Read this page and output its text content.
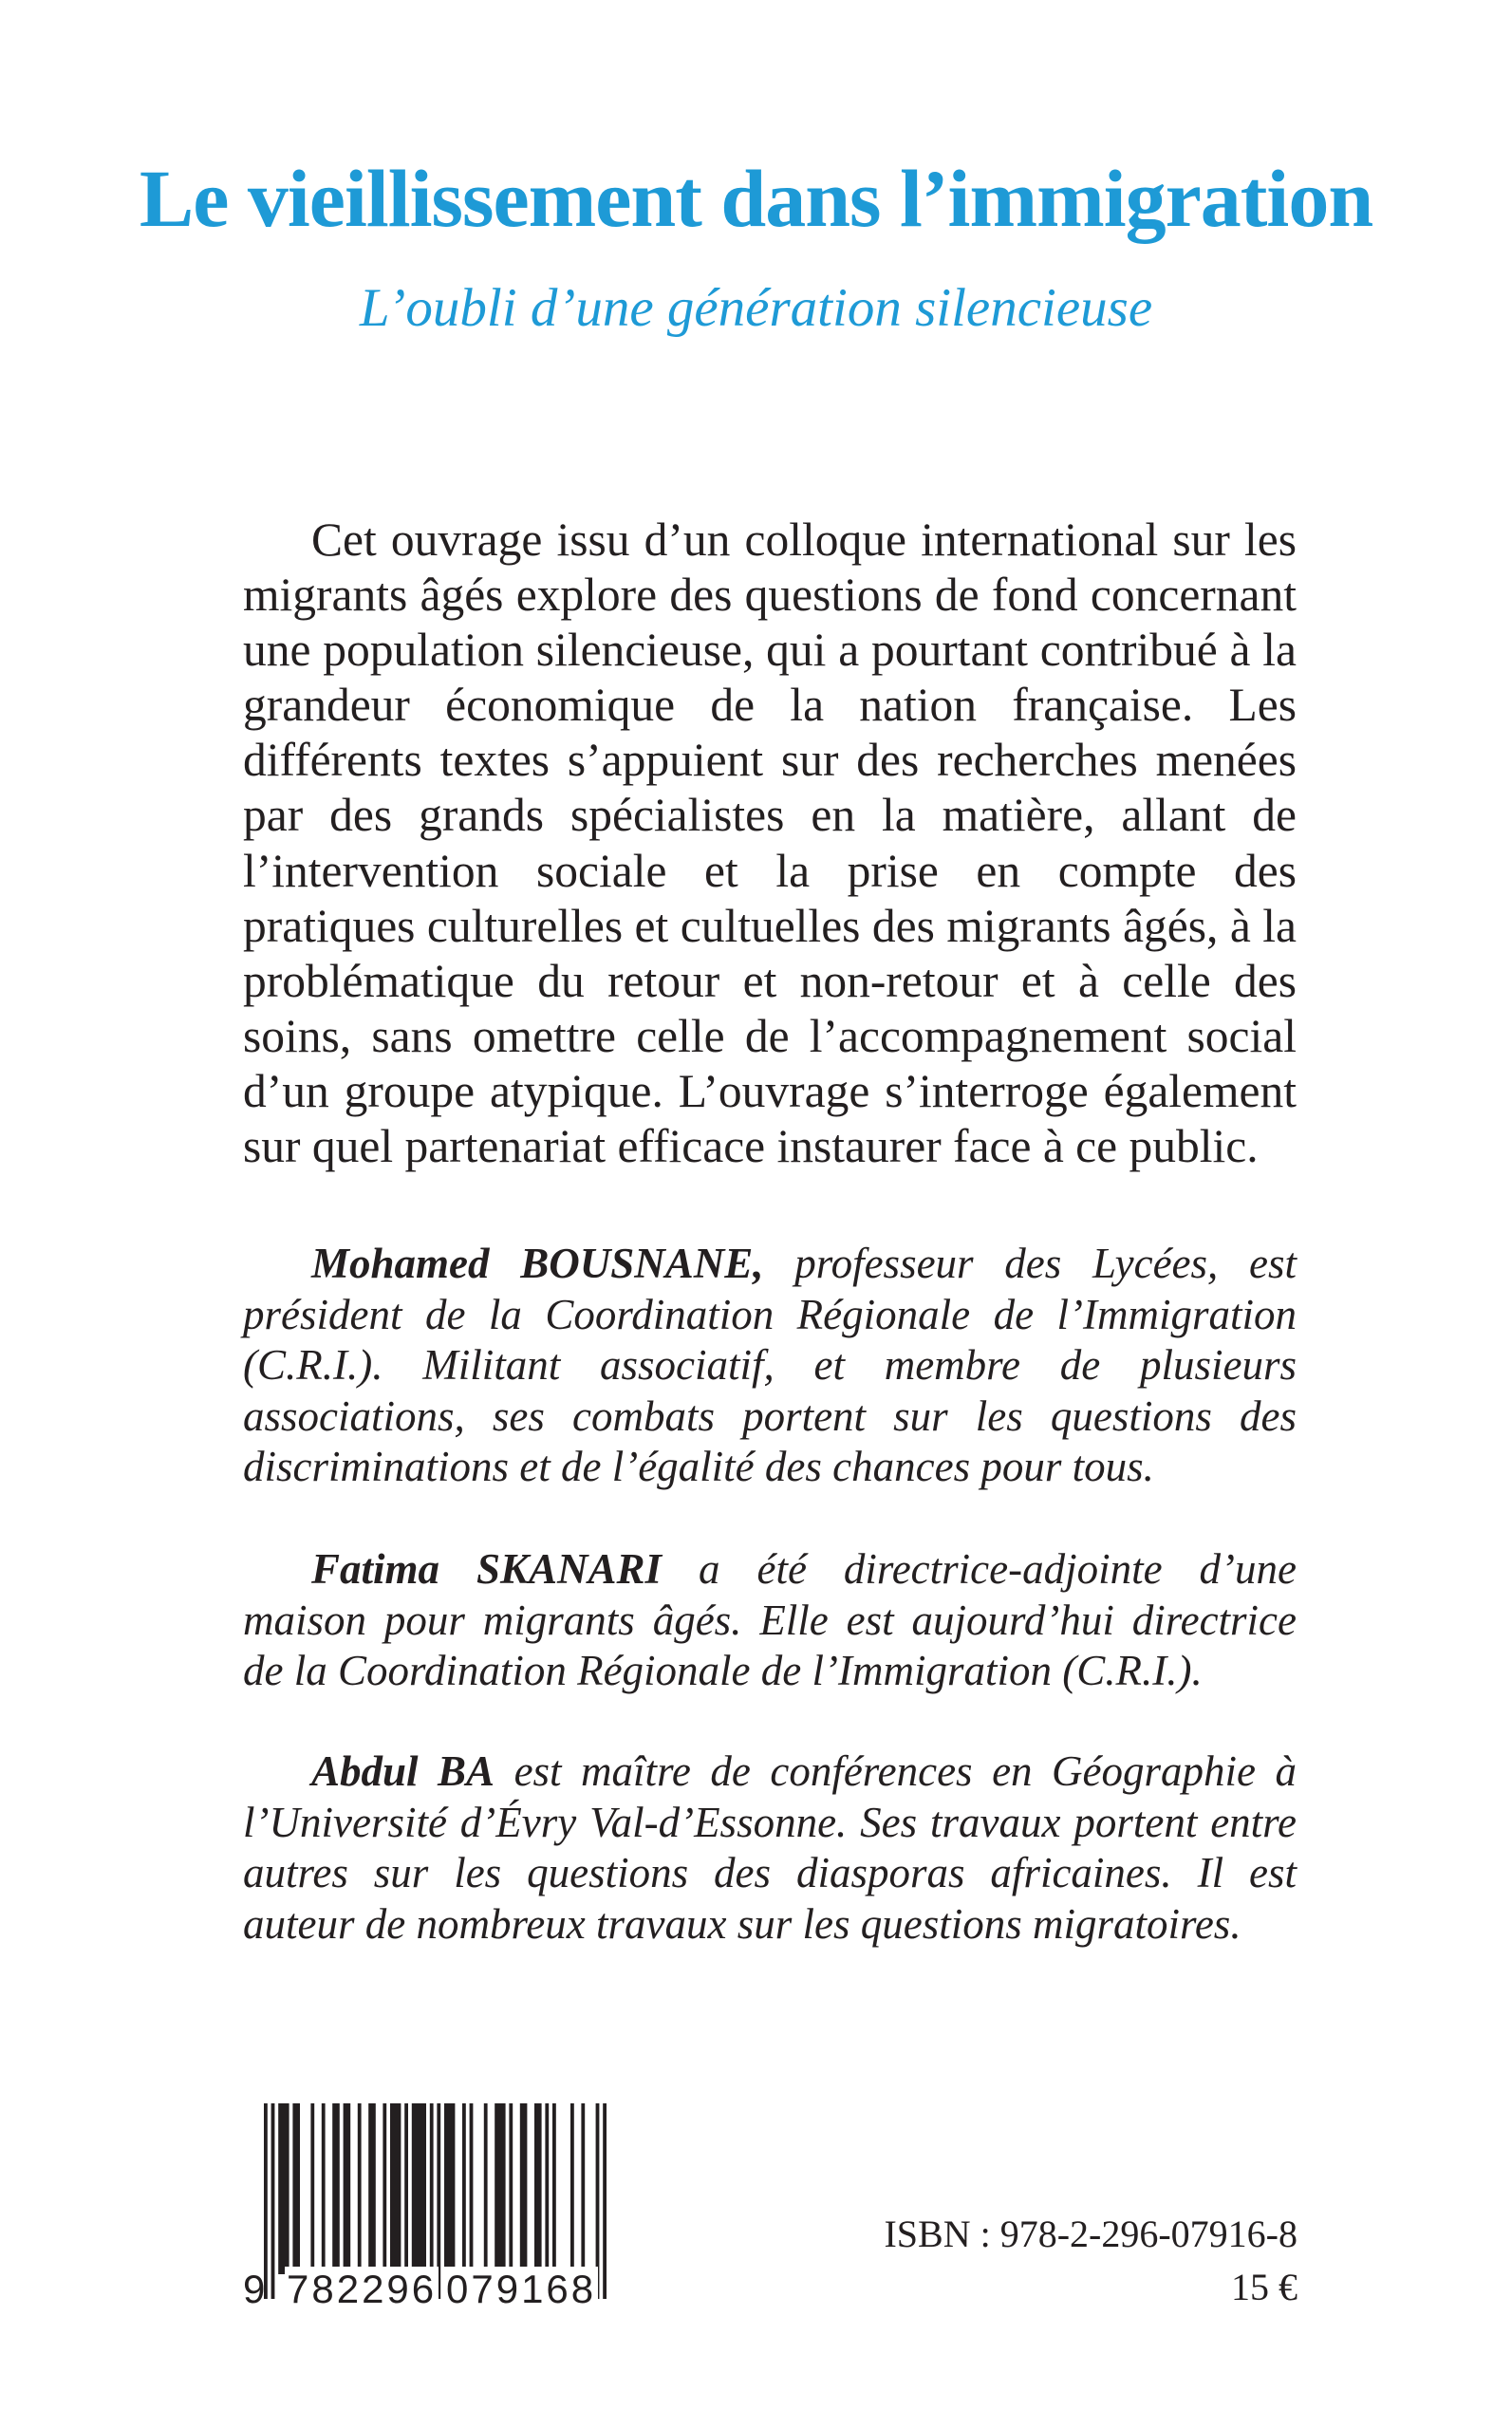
Le vieillissement dans l’immigration
L’oubli d’une génération silencieuse

Cet ouvrage issu d’un colloque international sur les migrants âgés explore des questions de fond concernant une population silencieuse, qui a pourtant contribué à la grandeur économique de la nation française. Les différents textes s’appuient sur des recherches menées par des grands spécialistes en la matière, allant de l’intervention sociale et la prise en compte des pratiques culturelles et cultuelles des migrants âgés, à la problématique du retour et non-retour et à celle des soins, sans omettre celle de l’accompagnement social d’un groupe atypique. L’ouvrage s’interroge également sur quel partenariat efficace instaurer face à ce public.

Mohamed BOUSNANE, professeur des Lycées, est président de la Coordination Régionale de l’Immigration (C.R.I.). Militant associatif, et membre de plusieurs associations, ses combats portent sur les questions des discriminations et de l’égalité des chances pour tous.

Fatima SKANARI a été directrice-adjointe d’une maison pour migrants âgés. Elle est aujourd’hui directrice de la Coordination Régionale de l’Immigration (C.R.I.).

Abdul BA est maître de conférences en Géographie à l’Université d’Évry Val-d’Essonne. Ses travaux portent entre autres sur les questions des diasporas africaines. Il est auteur de nombreux travaux sur les questions migratoires.

9 782296 079168
ISBN : 978-2-296-07916-8
15 €
